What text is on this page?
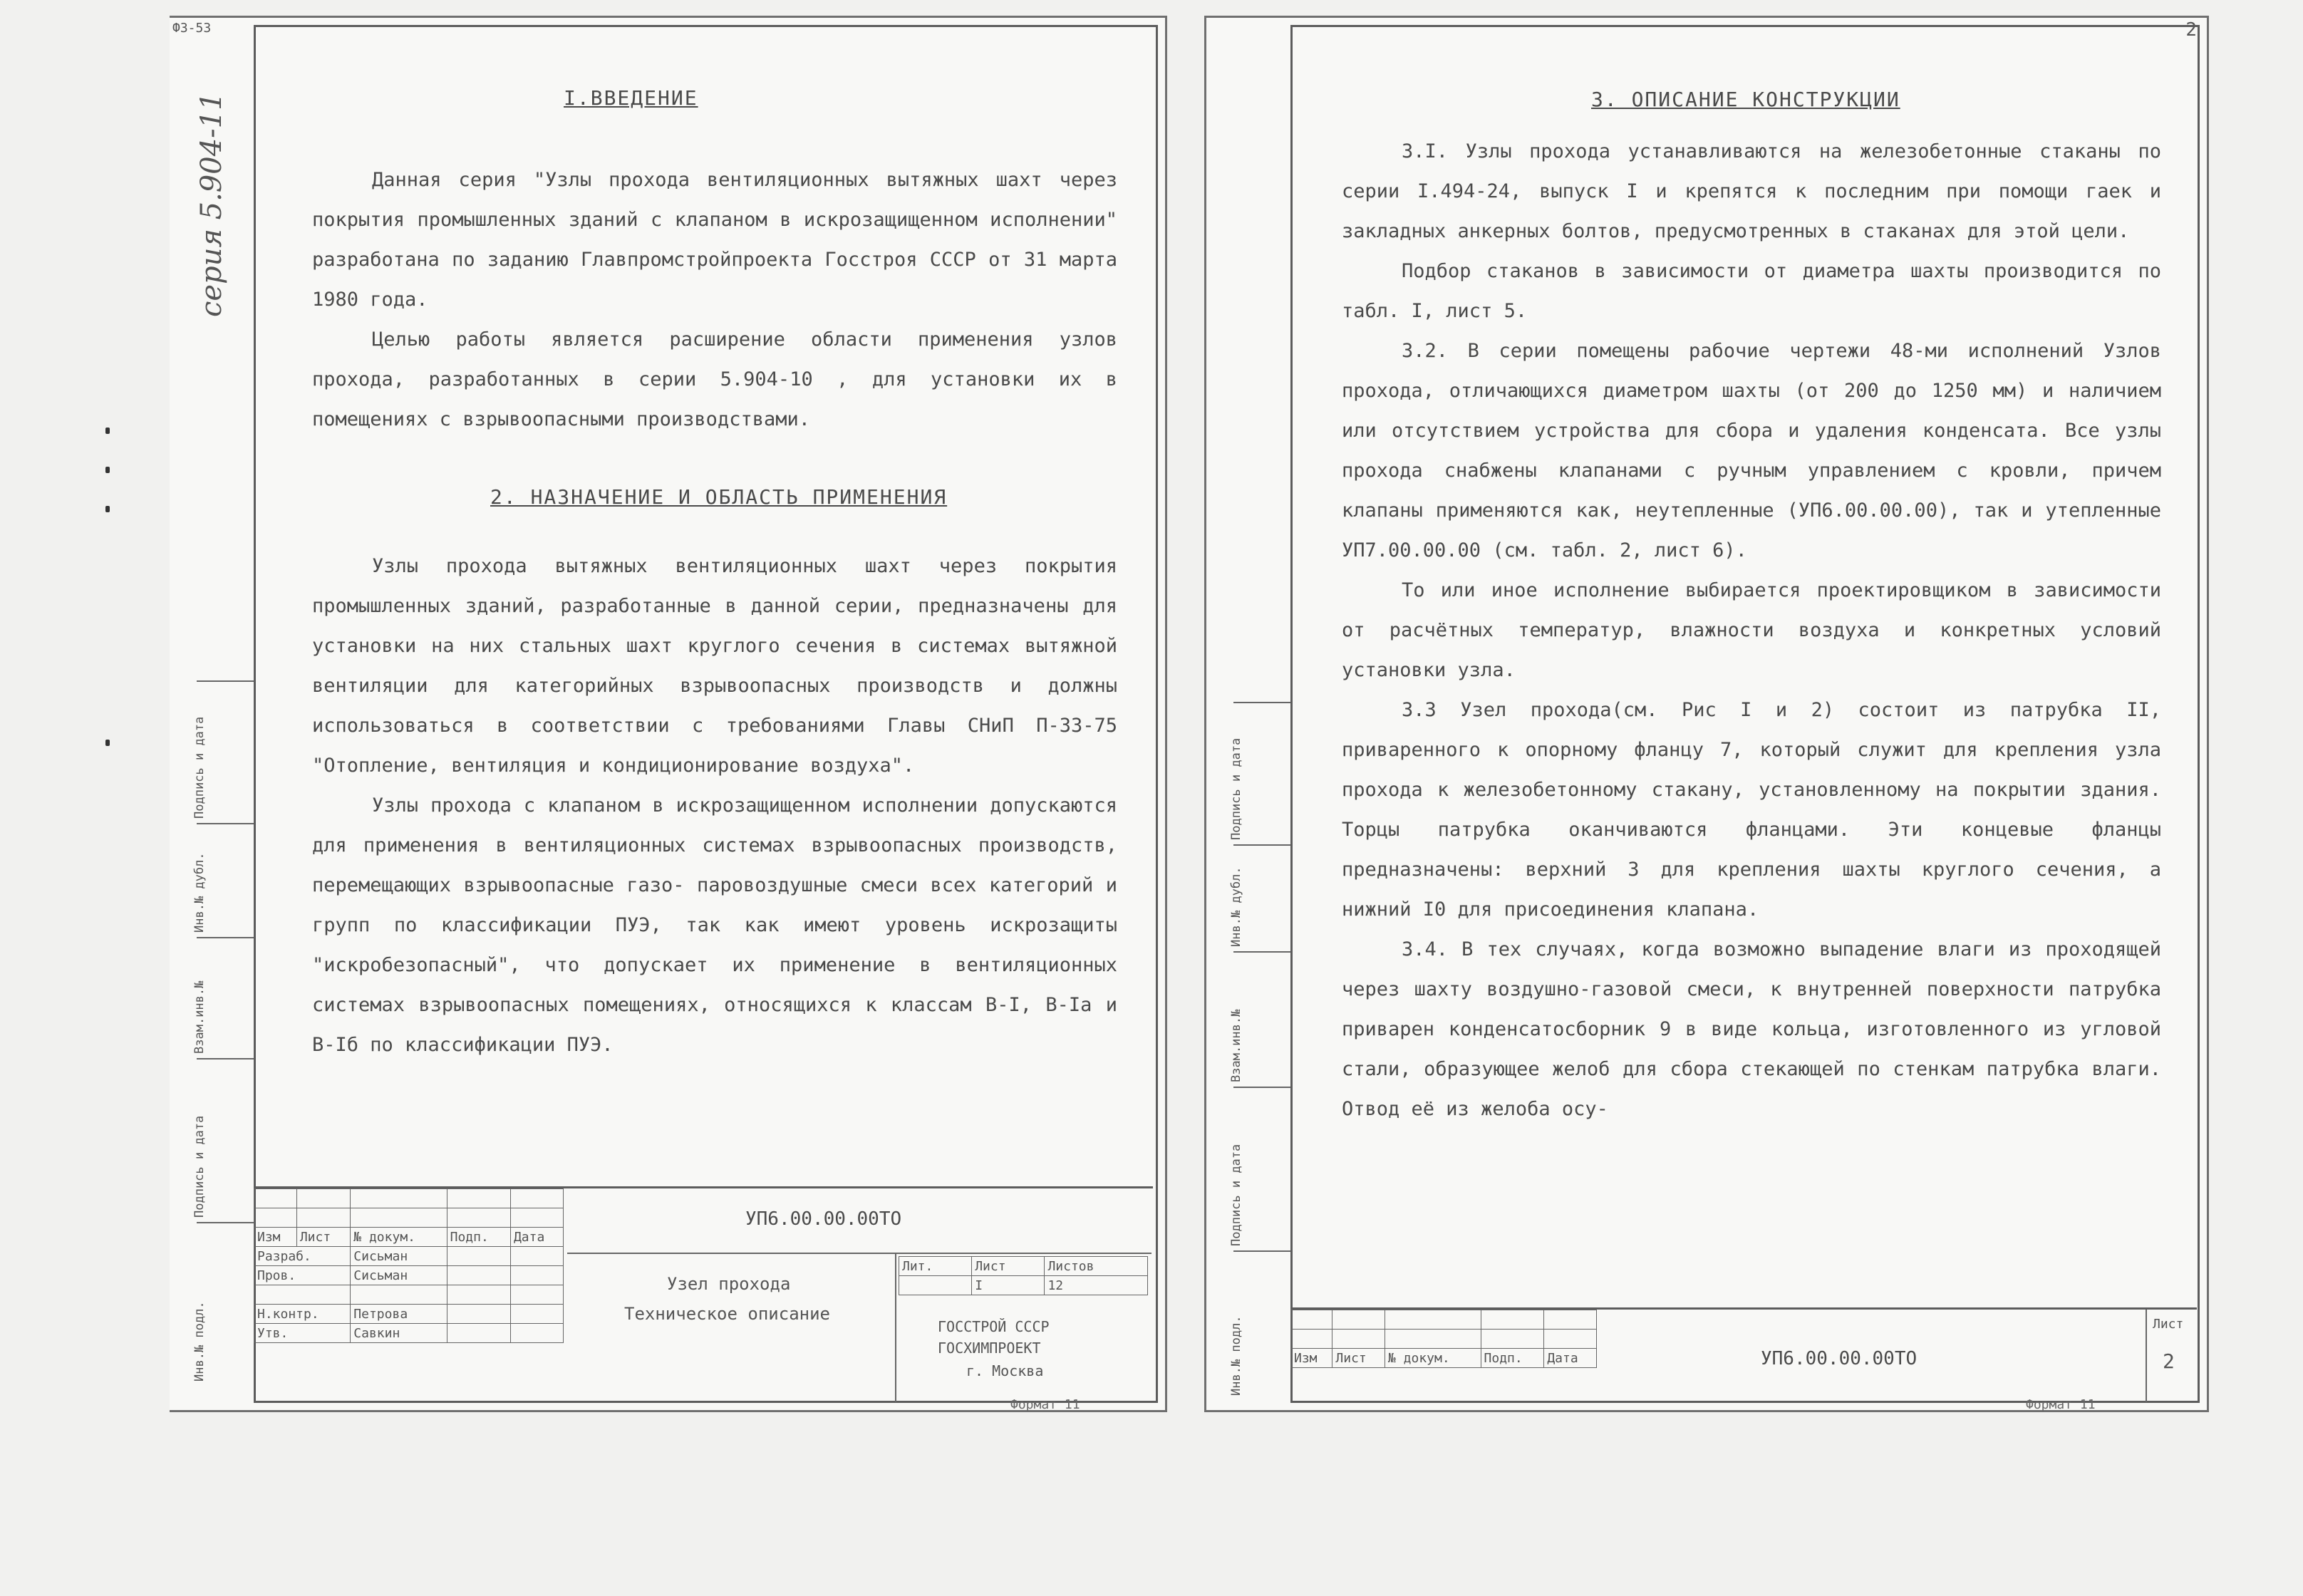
ФЗ-53
серия 5.904-11
Подпись и дата
Инв.№ дубл.
Взам.инв.№
Подпись и дата
Инв.№ подл.
I.ВВЕДЕНИЕ

Данная серия "Узлы прохода вентиляционных вытяжных шахт через покрытия промышленных зданий с клапаном в искрозащищенном исполнении" разработана по заданию Главпромстройпроекта Госстроя СССР от 31 марта 1980 года.

Целью работы является расширение области применения узлов прохода, разработанных в серии 5.904-10 , для установки их в помещениях с взрывоопасными производствами.

2. НАЗНАЧЕНИЕ И ОБЛАСТЬ ПРИМЕНЕНИЯ

Узлы прохода вытяжных вентиляционных шахт через покрытия промышленных зданий, разработанные в данной серии, предназначены для установки на них стальных шахт круглого сечения в системах вытяжной вентиляции для категорийных взрывоопасных производств и должны использоваться в соответствии с требованиями Главы СНиП П-33-75 "Отопление, вентиляция и кондиционирование воздуха".

Узлы прохода с клапаном в искрозащищенном исполнении допускаются для применения в вентиляционных системах взрывоопасных производств, перемещающих взрывоопасные газо- паровоздушные смеси всех категорий и групп по классификации ПУЭ, так как имеют уровень искрозащиты "искробезопасный", что допускает их применение в вентиляционных системах взрывоопасных помещениях, относящихся к классам В-I, В-Iа и В-Iб по классификации ПУЭ.

Изм	Лист	№ докум.	Подп.	Дата
Разраб.		Сисьман		
Пров.		Сисьман		

Н.контр.		Петрова		
Утв.		Савкин		
УП6.00.00.00ТО
Узел прохода
Техническое описание
Лит.	Лист	Листов
	I	12
ГОССТРОЙ СССР
ГОСХИМПРОЕКТ
г. Москва
Формат 11
2
Подпись и дата
Инв.№ дубл.
Взам.инв.№
Подпись и дата
Инв.№ подл.
3. ОПИСАНИЕ КОНСТРУКЦИИ

3.I. Узлы прохода устанавливаются на железобетонные стаканы по серии I.494-24, выпуск I и крепятся к последним при помощи гаек и закладных анкерных болтов, предусмотренных в стаканах для этой цели.

Подбор стаканов в зависимости от диаметра шахты производится по табл. I, лист 5.

3.2. В серии помещены рабочие чертежи 48-ми исполнений Узлов прохода, отличающихся диаметром шахты (от 200 до 1250 мм) и наличием или отсутствием устройства для сбора и удаления конденсата. Все узлы прохода снабжены клапанами с ручным управлением с кровли, причем клапаны применяются как, неутепленные (УП6.00.00.00), так и утепленные УП7.00.00.00 (см. табл. 2, лист 6).

То или иное исполнение выбирается проектировщиком в зависимости от расчётных температур, влажности воздуха и конкретных условий установки узла.

3.3 Узел прохода(см. Рис I и 2) состоит из патрубка II, приваренного к опорному фланцу 7, который служит для крепления узла прохода к железобетонному стакану, установленному на покрытии здания. Торцы патрубка оканчиваются фланцами. Эти концевые фланцы предназначены: верхний 3 для крепления шахты круглого сечения, а нижний I0 для присоединения клапана.

3.4. В тех случаях, когда возможно выпадение влаги из проходящей через шахту воздушно-газовой смеси, к внутренней поверхности патрубка приварен конденсатосборник 9 в виде кольца, изготовленного из угловой стали, образующее желоб для сбора стекающей по стенкам патрубка влаги. Отвод её из желоба осу-

Изм	Лист	№ докум.	Подп.	Дата	УП6.00.00.00ТО
Лист
2
Формат 11
